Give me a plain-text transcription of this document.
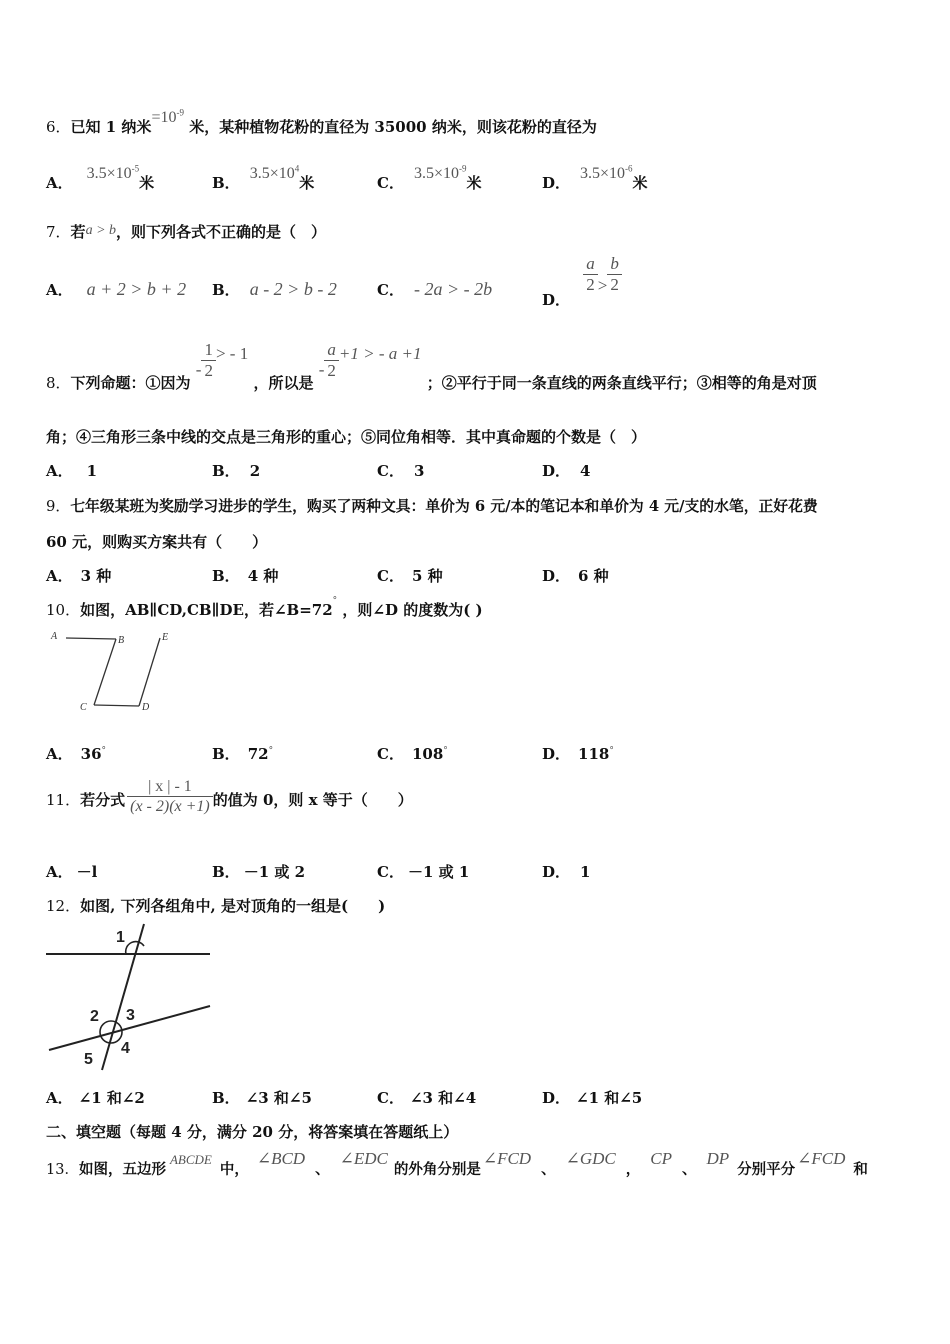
6．已知 1 纳米$=10^{-9}$ 米，某种植物花粉的直径为 35000 纳米，则该花粉的直径为
A．$3.5\times 10^{-5}$米	B．$3.5\times 10^4$米	C．$3.5\times 10^{-9}$米	D．$3.5\times 10^{-6}$米
7．若a > b，则下列各式不正确的是（　）
A． a + 2 > b + 2 B． a - 2 > b - 2	C． - 2a > - 2b
D．
$\frac{a}{2} > \frac{b}{2}$
8．下列命题：①因为 - $\frac{1}{2}$ > - 1 ，所以是 - $\frac{a}{2} +1$ > - a +1 ；②平行于同一条直线的两条直线平行；③相等的角是对顶
角；④三角形三条中线的交点是三角形的重心；⑤同位角相等．其中真命题的个数是（　）
A． 1	B． 2	C． 3	D． 4
9．七年级某班为奖励学习进步的学生，购买了两种文具：单价为 6 元/本的笔记本和单价为 4 元/支的水笔，正好花费
60 元，则购买方案共有（　　）
A． 3 种	B． 4 种	C． 5 种	D． 6 种
10．如图，AB∥CD,CB∥DE，若∠B=72° ，则∠D 的度数为( )
A	B	E
C	D
A． 36°	B． 72°	C． 108°	D． 118°
11．若分式 $\frac{| x | - 1}{(x - 2)(x +1)}$ 的值为 0，则 x 等于（　　）
A． －l	B． －1 或 2	C． －1 或 1	D． 1
12．如图, 下列各组角中, 是对顶角的一组是(　　)
1
2 3
4
5
A． ∠1 和∠2	B． ∠3 和∠5	C． ∠3 和∠4	D． ∠1 和∠5
二、填空题（每题 4 分，满分 20 分，将答案填在答题纸上）
13．如图，五边形ABCDE中，∠BCD、∠EDC的外角分别是∠FCD、∠GDC，CP、DP分别平分∠FCD和
